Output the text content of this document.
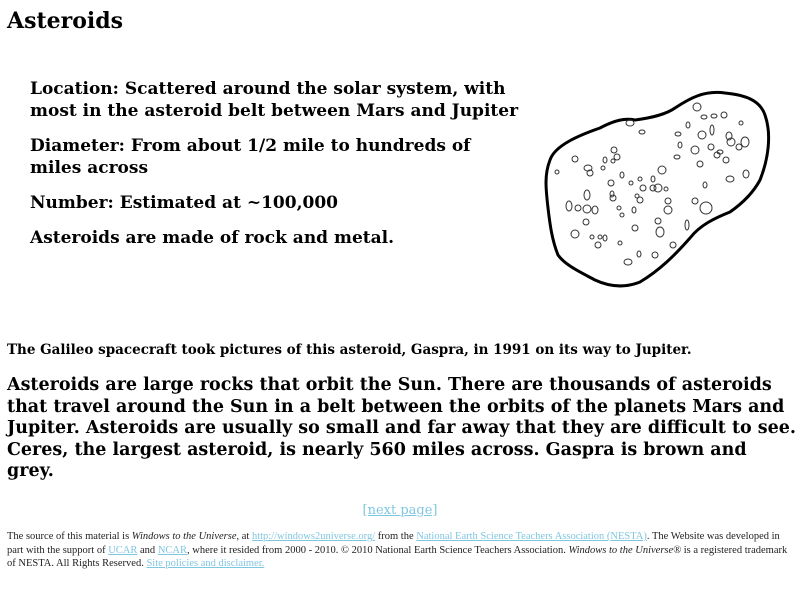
Asteroids

Location: Scattered around the solar system, with most in the asteroid belt between Mars and Jupiter

Diameter: From about 1/2 mile to hundreds of miles across

Number: Estimated at ~100,000

Asteroids are made of rock and metal.

The Galileo spacecraft took pictures of this asteroid, Gaspra, in 1991 on its way to Jupiter.
Asteroids are large rocks that orbit the Sun. There are thousands of asteroids that travel around the Sun in a belt between the orbits of the planets Mars and Jupiter. Asteroids are usually so small and far away that they are difficult to see. Ceres, the largest asteroid, is nearly 560 miles across. Gaspra is brown and grey.
[next page]
The source of this material is Windows to the Universe, at http://windows2universe.org/ from the National Earth Science Teachers Association (NESTA). The Website was developed in part with the support of UCAR and NCAR, where it resided from 2000 - 2010. © 2010 National Earth Science Teachers Association. Windows to the Universe® is a registered trademark of NESTA. All Rights Reserved. Site policies and disclaimer.
